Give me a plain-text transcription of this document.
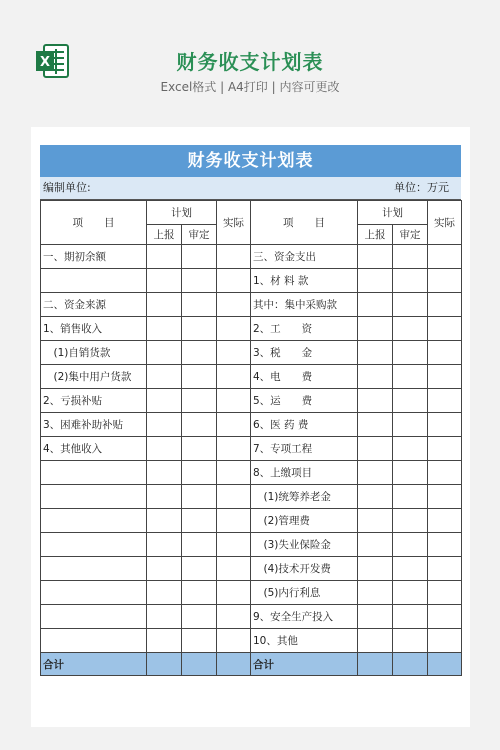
X	财务收支计划表
Excel格式 | A4打印 | 内容可更改
财务收支计划表
编制单位:	单位：万元
项　　目	计划		实际	项　　目	计划		实际
	上报	审定			上报	审定	
一、期初余额				三、资金支出			
				1、材 料 款			
二、资金来源				其中：集中采购款			
1、销售收入				2、工　　资			
　(1)自销货款				3、税　　金			
　(2)集中用户货款				4、电　　费			
2、亏损补贴				5、运　　费			
3、困难补助补贴				6、医 药 费			
4、其他收入				7、专项工程			
				8、上缴项目			
				　(1)统筹养老金			
				　(2)管理费			
				　(3)失业保险金			
				　(4)技术开发费			
				　(5)内行利息			
				9、安全生产投入			
				10、其他			
合计				合计			
